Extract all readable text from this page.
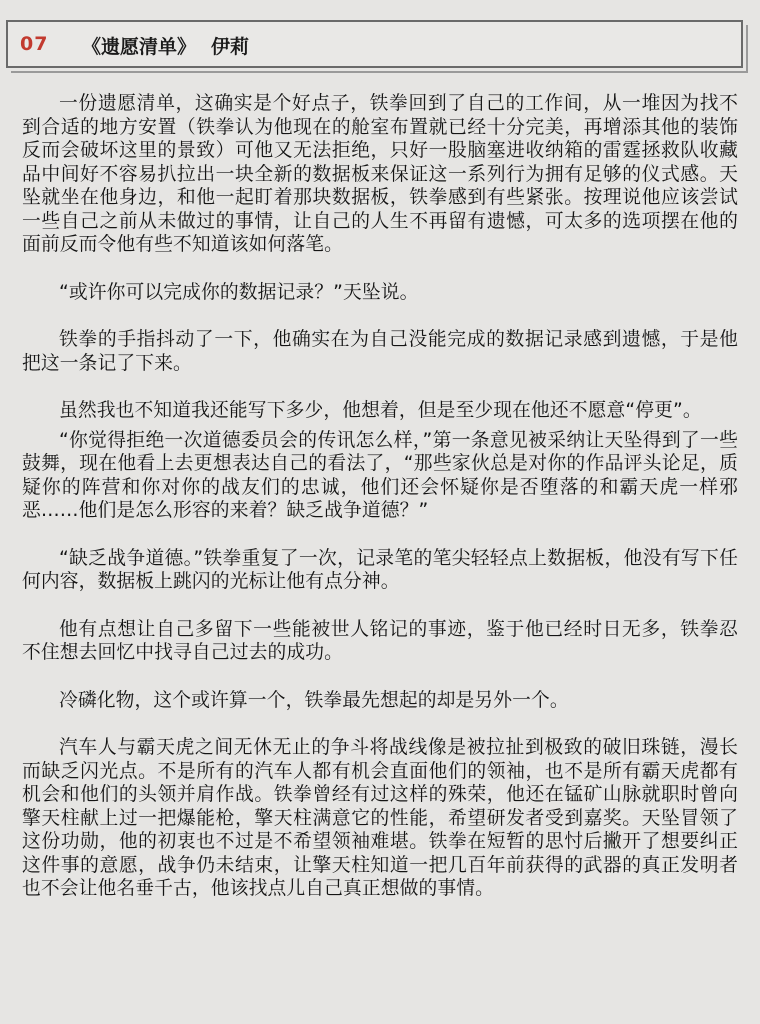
07 《遗愿清单》 伊莉

一份遗愿清单，这确实是个好点子，铁拳回到了自己的工作间，从一堆因为找不到合适的地方安置（铁拳认为他现在的舱室布置就已经十分完美，再增添其他的装饰反而会破坏这里的景致）可他又无法拒绝，只好一股脑塞进收纳箱的雷霆拯救队收藏品中间好不容易扒拉出一块全新的数据板来保证这一系列行为拥有足够的仪式感。天坠就坐在他身边，和他一起盯着那块数据板，铁拳感到有些紧张。按理说他应该尝试一些自己之前从未做过的事情，让自己的人生不再留有遗憾，可太多的选项摆在他的面前反而令他有些不知道该如何落笔。

“或许你可以完成你的数据记录？”天坠说。

铁拳的手指抖动了一下，他确实在为自己没能完成的数据记录感到遗憾，于是他把这一条记了下来。

虽然我也不知道我还能写下多少，他想着，但是至少现在他还不愿意“停更”。

“你觉得拒绝一次道德委员会的传讯怎么样，”第一条意见被采纳让天坠得到了一些鼓舞，现在他看上去更想表达自己的看法了，“那些家伙总是对你的作品评头论足，质疑你的阵营和你对你的战友们的忠诚，他们还会怀疑你是否堕落的和霸天虎一样邪恶……他们是怎么形容的来着？缺乏战争道德？”

“缺乏战争道德。”铁拳重复了一次，记录笔的笔尖轻轻点上数据板，他没有写下任何内容，数据板上跳闪的光标让他有点分神。

他有点想让自己多留下一些能被世人铭记的事迹，鉴于他已经时日无多，铁拳忍不住想去回忆中找寻自己过去的成功。

冷磷化物，这个或许算一个，铁拳最先想起的却是另外一个。

汽车人与霸天虎之间无休无止的争斗将战线像是被拉扯到极致的破旧珠链，漫长而缺乏闪光点。不是所有的汽车人都有机会直面他们的领袖，也不是所有霸天虎都有机会和他们的头领并肩作战。铁拳曾经有过这样的殊荣，他还在锰矿山脉就职时曾向擎天柱献上过一把爆能枪，擎天柱满意它的性能，希望研发者受到嘉奖。天坠冒领了这份功勋，他的初衷也不过是不希望领袖难堪。铁拳在短暂的思忖后撇开了想要纠正这件事的意愿，战争仍未结束，让擎天柱知道一把几百年前获得的武器的真正发明者也不会让他名垂千古，他该找点儿自己真正想做的事情。
